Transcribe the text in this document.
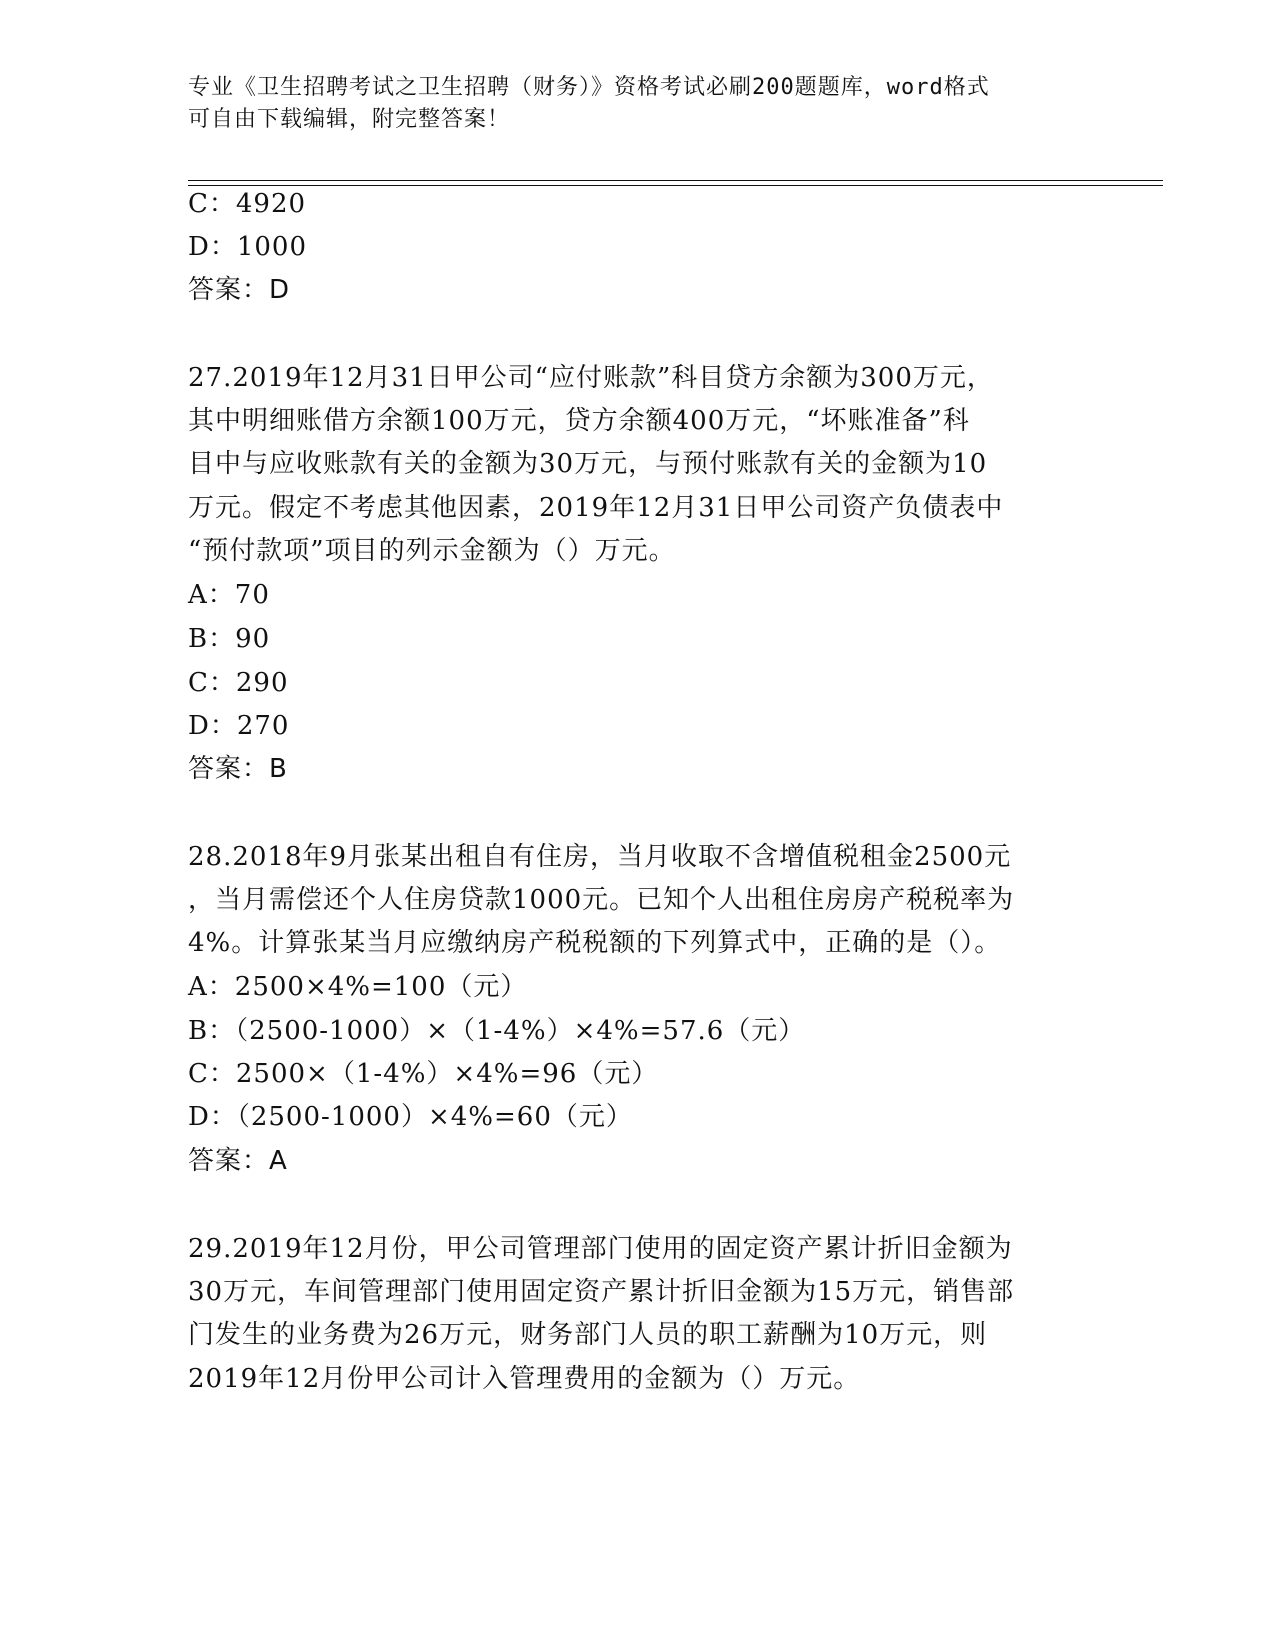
专业《卫生招聘考试之卫生招聘（财务）》资格考试必刷200题题库，word格式
可自由下载编辑，附完整答案！
C：4920
D：1000
答案：D
27.2019年12月31日甲公司“应付账款”科目贷方余额为300万元，
其中明细账借方余额100万元，贷方余额400万元，“坏账准备”科
目中与应收账款有关的金额为30万元，与预付账款有关的金额为10
万元。假定不考虑其他因素，2019年12月31日甲公司资产负债表中
“预付款项”项目的列示金额为（）万元。
A：70
B：90
C：290
D：270
答案：B
28.2018年9月张某出租自有住房，当月收取不含增值税租金2500元
，当月需偿还个人住房贷款1000元。已知个人出租住房房产税税率为
4%。计算张某当月应缴纳房产税税额的下列算式中，正确的是（）。
A：2500×4%=100（元）
B：（2500-1000）×（1-4%）×4%=57.6（元）
C：2500×（1-4%）×4%=96（元）
D：（2500-1000）×4%=60（元）
答案：A
29.2019年12月份，甲公司管理部门使用的固定资产累计折旧金额为
30万元，车间管理部门使用固定资产累计折旧金额为15万元，销售部
门发生的业务费为26万元，财务部门人员的职工薪酬为10万元，则
2019年12月份甲公司计入管理费用的金额为（）万元。
